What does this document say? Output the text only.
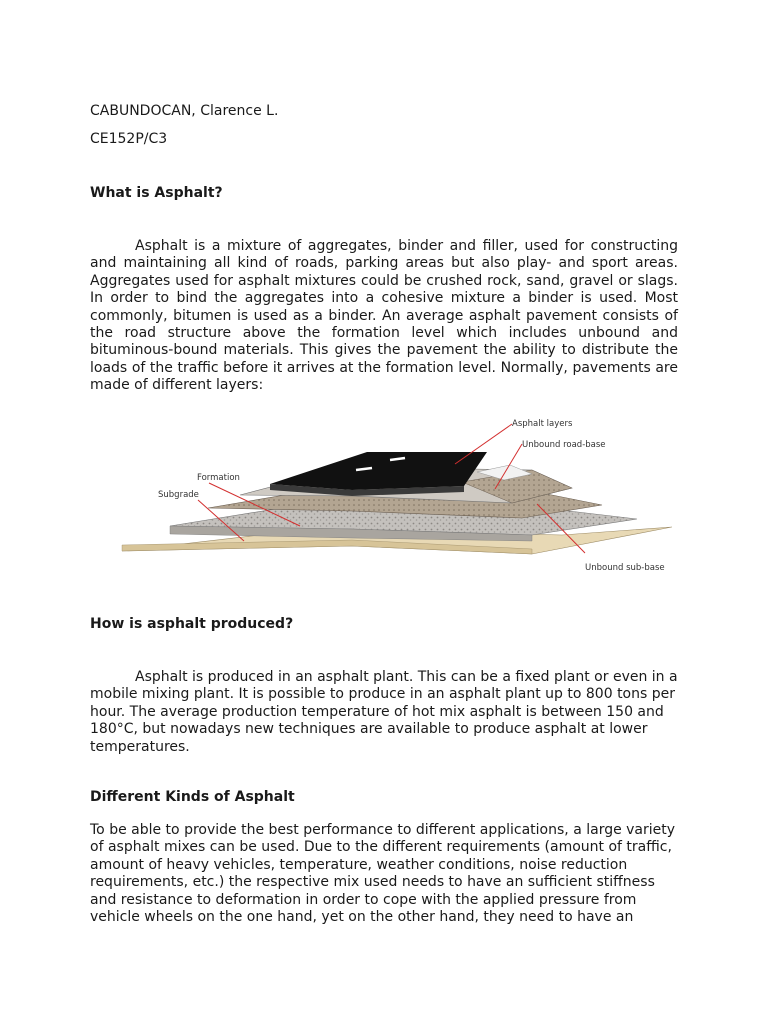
CABUNDOCAN, Clarence L.
CE152P/C3
What is Asphalt?

Asphalt is a mixture of aggregates, binder and filler, used for constructing and maintaining all kind of roads, parking areas but also play- and sport areas. Aggregates used for asphalt mixtures could be crushed rock, sand, gravel or slags. In order to bind the aggregates into a cohesive mixture a binder is used. Most commonly, bitumen is used as a binder. An average asphalt pavement consists of the road structure above the formation level which includes unbound and bituminous-bound materials. This gives the pavement the ability to distribute the loads of the traffic before it arrives at the formation level. Normally, pavements are made of different layers:

Asphalt layers
Unbound road-base
Formation
Subgrade
Unbound sub-base
How is asphalt produced?

Asphalt is produced in an asphalt plant. This can be a fixed plant or even in a mobile mixing plant. It is possible to produce in an asphalt plant up to 800 tons per hour. The average production temperature of hot mix asphalt is between 150 and 180°C, but nowadays new techniques are available to produce asphalt at lower temperatures.

Different Kinds of Asphalt

To be able to provide the best performance to different applications, a large variety of asphalt mixes can be used. Due to the different requirements (amount of traffic, amount of heavy vehicles, temperature, weather conditions, noise reduction requirements, etc.) the respective mix used needs to have an sufficient stiffness and resistance to deformation in order to cope with the applied pressure from vehicle wheels on the one hand, yet on the other hand, they need to have an
